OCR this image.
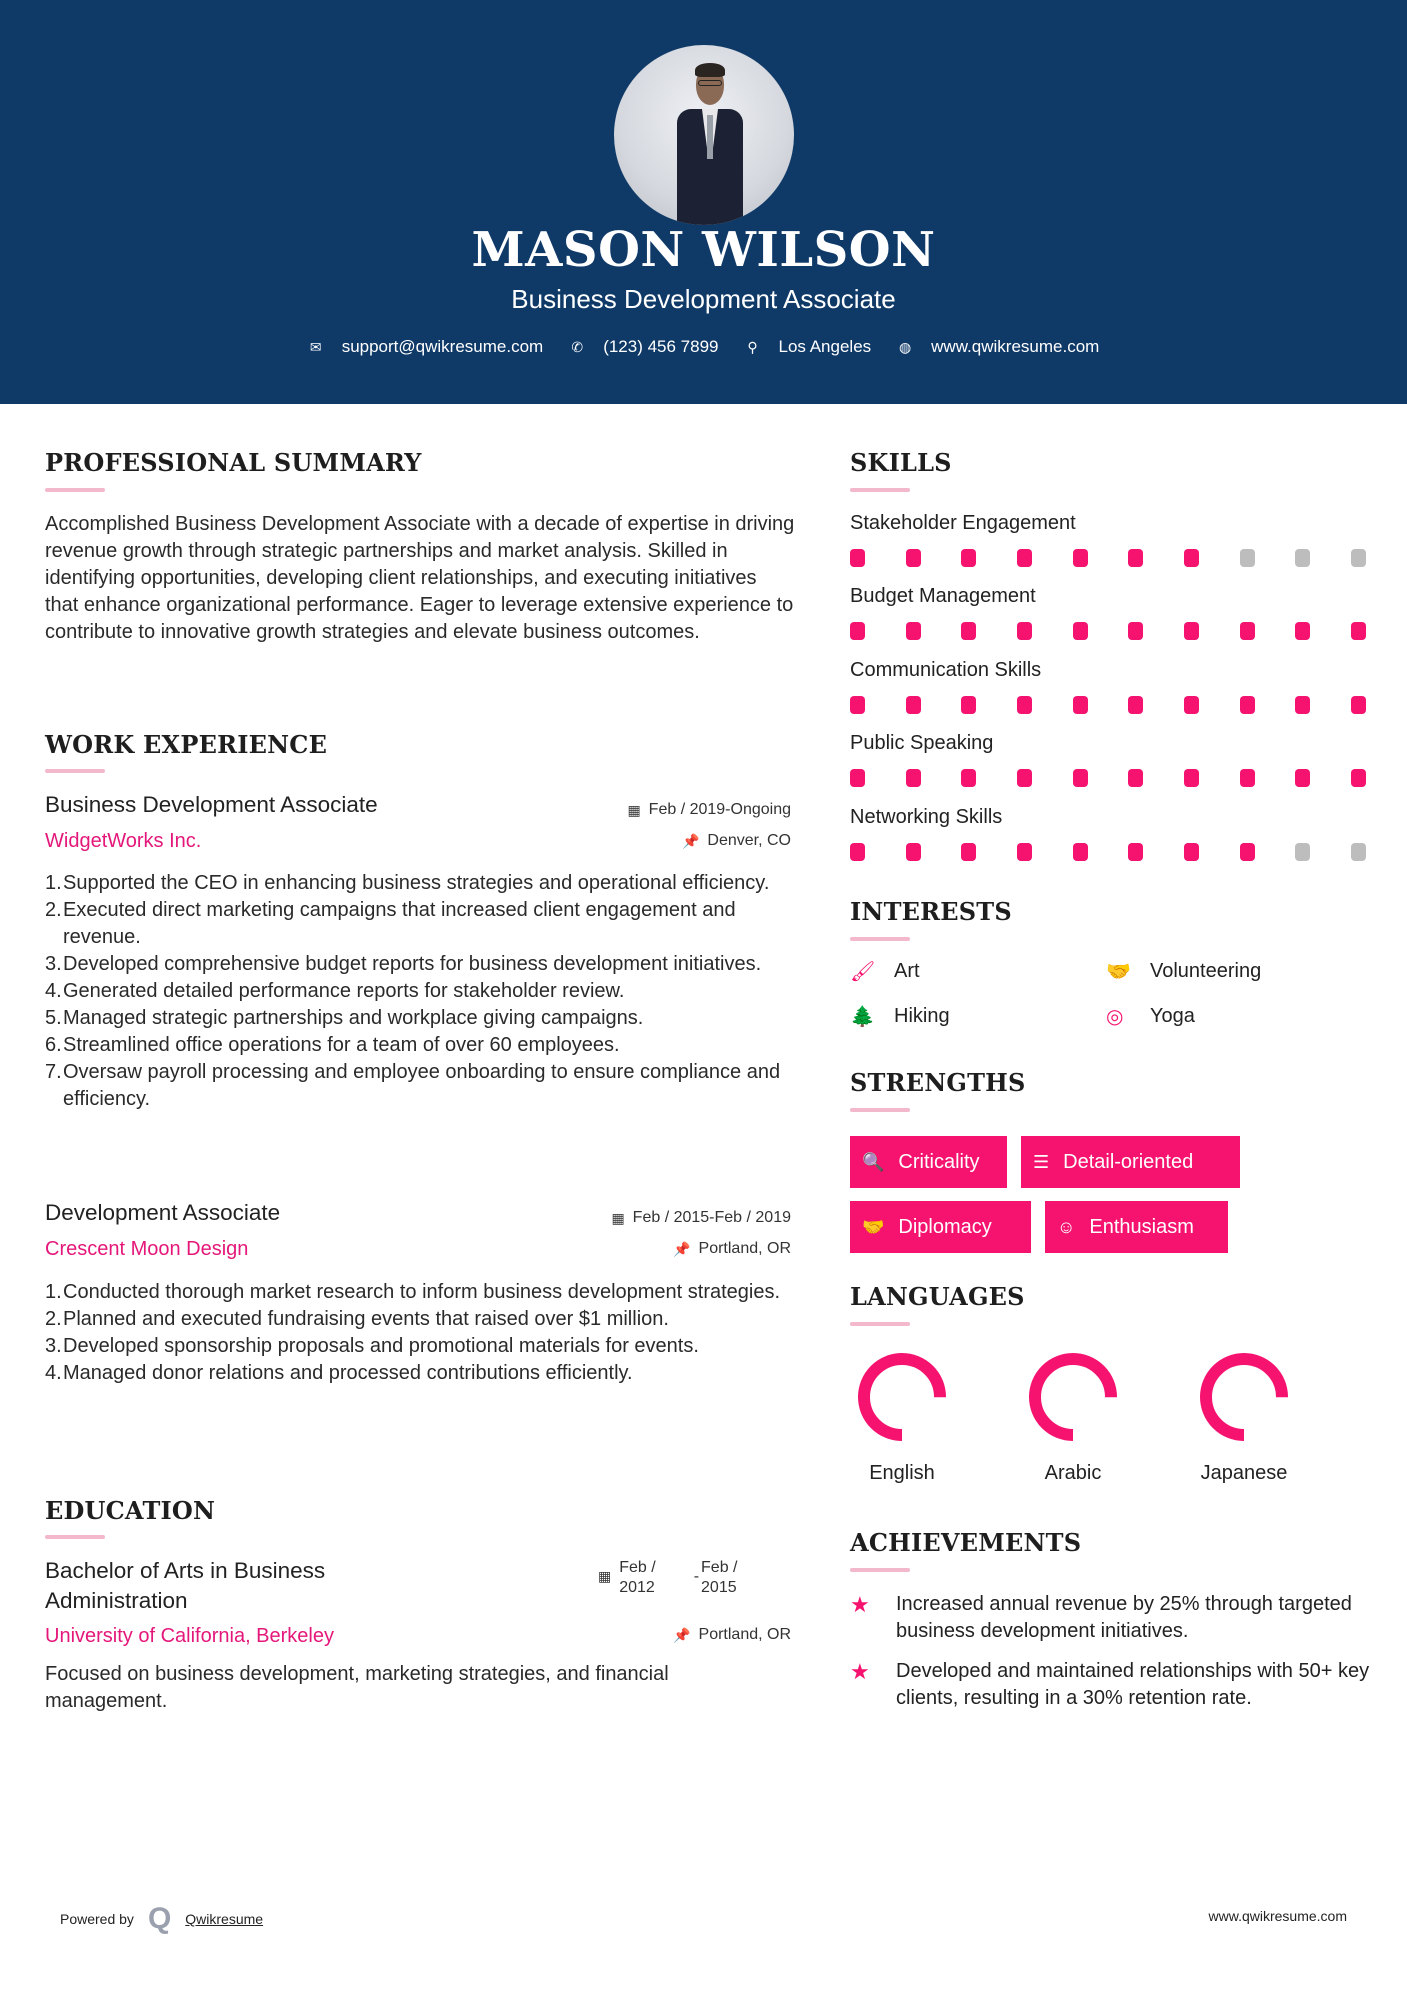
MASON WILSON
Business Development Associate
✉ support@qwikresume.com ✆ (123) 456 7899 ⚲ Los Angeles ◍ www.qwikresume.com
PROFESSIONAL SUMMARY
Accomplished Business Development Associate with a decade of expertise in driving revenue growth through strategic partnerships and market analysis. Skilled in identifying opportunities, developing client relationships, and executing initiatives that enhance organizational performance. Eager to leverage extensive experience to contribute to innovative growth strategies and elevate business outcomes.
WORK EXPERIENCE
Business Development Associate	▦ Feb / 2019-Ongoing
WidgetWorks Inc.	📌 Denver, CO
1. Supported the CEO in enhancing business strategies and operational efficiency.
2. Executed direct marketing campaigns that increased client engagement and revenue.
3. Developed comprehensive budget reports for business development initiatives.
4. Generated detailed performance reports for stakeholder review.
5. Managed strategic partnerships and workplace giving campaigns.
6. Streamlined office operations for a team of over 60 employees.
7. Oversaw payroll processing and employee onboarding to ensure compliance and efficiency.
Development Associate	▦ Feb / 2015-Feb / 2019
Crescent Moon Design	📌 Portland, OR
1. Conducted thorough market research to inform business development strategies.
2. Planned and executed fundraising events that raised over $1 million.
3. Developed sponsorship proposals and promotional materials for events.
4. Managed donor relations and processed contributions efficiently.
EDUCATION
Bachelor of Arts in Business Administration
▦ Feb /
2012
-
Feb /
2015
University of California, Berkeley	📌 Portland, OR
Focused on business development, marketing strategies, and financial management.
SKILLS
Stakeholder Engagement
Budget Management
Communication Skills
Public Speaking
Networking Skills
INTERESTS
🖌 Art	🤝 Volunteering
🌲 Hiking	◎	Yoga
STRENGTHS
🔍 Criticality	☰ Detail-oriented
🤝 Diplomacy	☺ Enthusiasm
LANGUAGES
English	Arabic	Japanese
ACHIEVEMENTS
★	Increased annual revenue by 25% through targeted business development initiatives.
★	Developed and maintained relationships with 50+ key clients, resulting in a 30% retention rate.
Powered by Q Qwikresume	www.qwikresume.com
